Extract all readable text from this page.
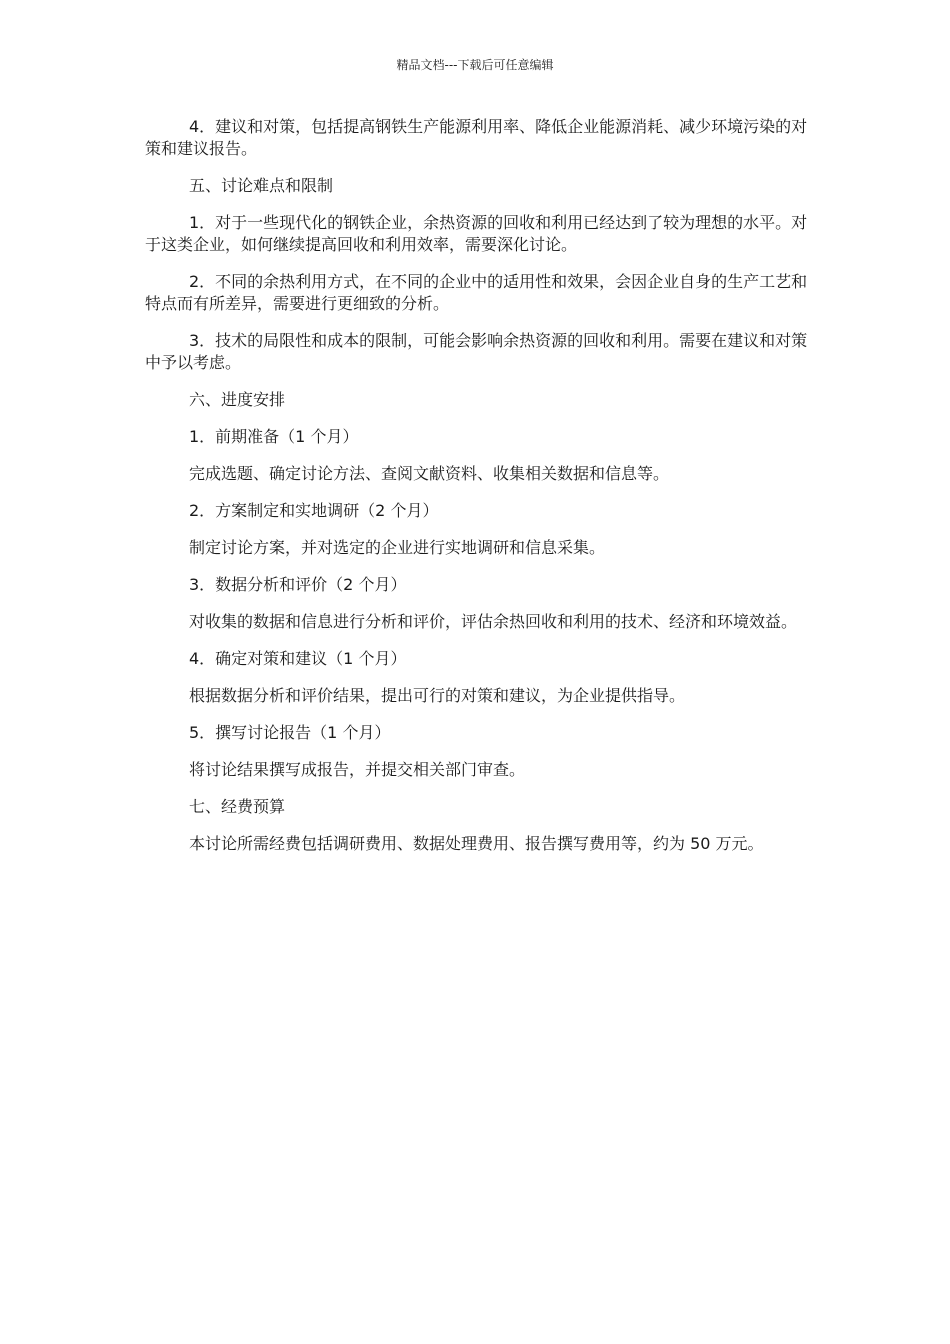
精品文档---下载后可任意编辑

4．建议和对策，包括提高钢铁生产能源利用率、降低企业能源消耗、减少环境污染的对策和建议报告。

五、讨论难点和限制

1．对于一些现代化的钢铁企业，余热资源的回收和利用已经达到了较为理想的水平。对于这类企业，如何继续提高回收和利用效率，需要深化讨论。

2．不同的余热利用方式，在不同的企业中的适用性和效果，会因企业自身的生产工艺和特点而有所差异，需要进行更细致的分析。

3．技术的局限性和成本的限制，可能会影响余热资源的回收和利用。需要在建议和对策中予以考虑。

六、进度安排

1．前期准备（1 个月）

完成选题、确定讨论方法、查阅文献资料、收集相关数据和信息等。

2．方案制定和实地调研（2 个月）

制定讨论方案，并对选定的企业进行实地调研和信息采集。

3．数据分析和评价（2 个月）

对收集的数据和信息进行分析和评价，评估余热回收和利用的技术、经济和环境效益。

4．确定对策和建议（1 个月）

根据数据分析和评价结果，提出可行的对策和建议，为企业提供指导。

5．撰写讨论报告（1 个月）

将讨论结果撰写成报告，并提交相关部门审查。

七、经费预算

本讨论所需经费包括调研费用、数据处理费用、报告撰写费用等，约为 50 万元。
